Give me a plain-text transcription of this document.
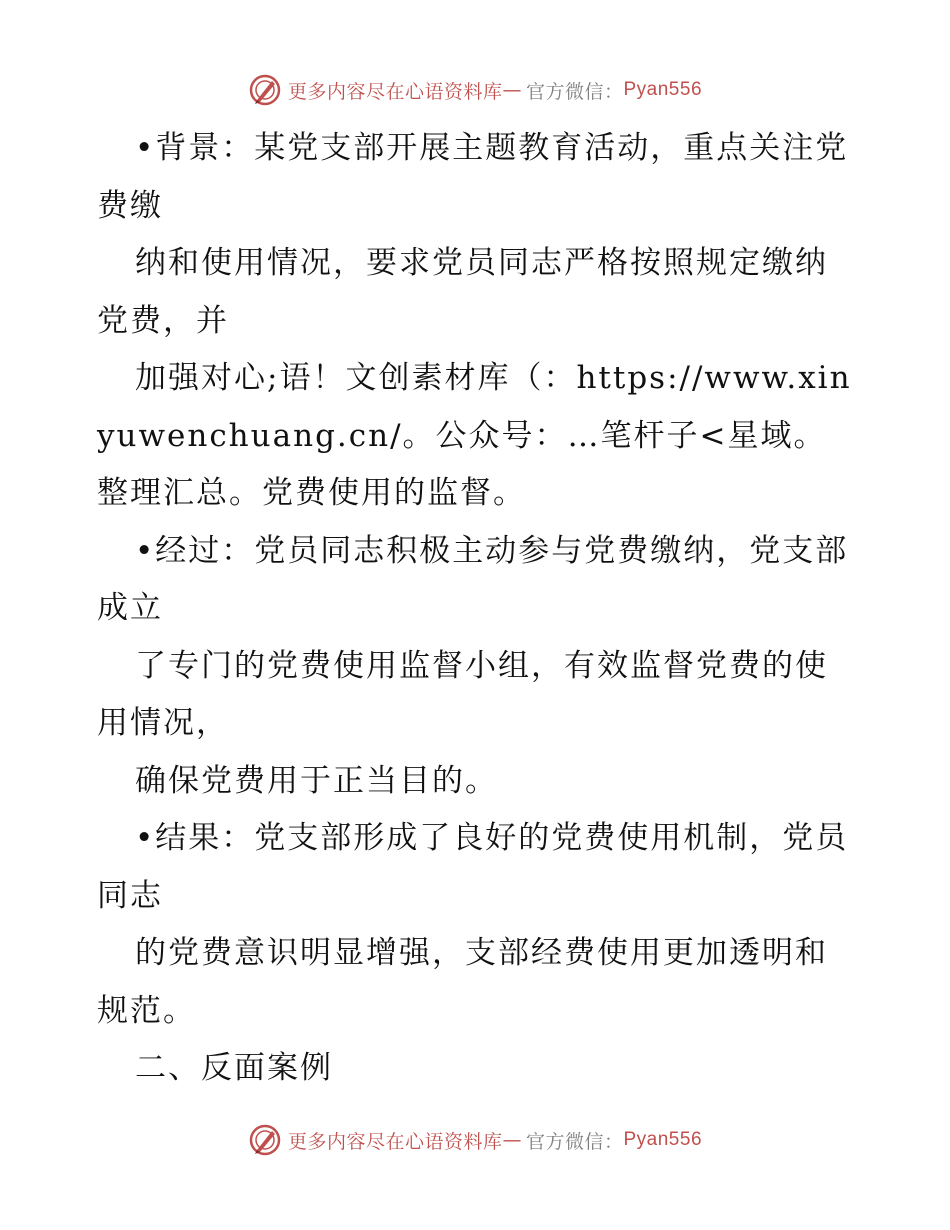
更多内容尽在心语资料库 — 官方微信： Pyan556

•背景：某党支部开展主题教育活动，重点关注党费缴

纳和使用情况，要求党员同志严格按照规定缴纳党费，并

加强对心;语！文创素材库（：https://www.xinyuwenchuang.cn/。公众号：…笔杆子<星域。整理汇总。党费使用的监督。

•经过：党员同志积极主动参与党费缴纳，党支部成立

了专门的党费使用监督小组，有效监督党费的使用情况，

确保党费用于正当目的。

•结果：党支部形成了良好的党费使用机制，党员同志

的党费意识明显增强，支部经费使用更加透明和规范。

二、反面案例

更多内容尽在心语资料库 — 官方微信： Pyan556
